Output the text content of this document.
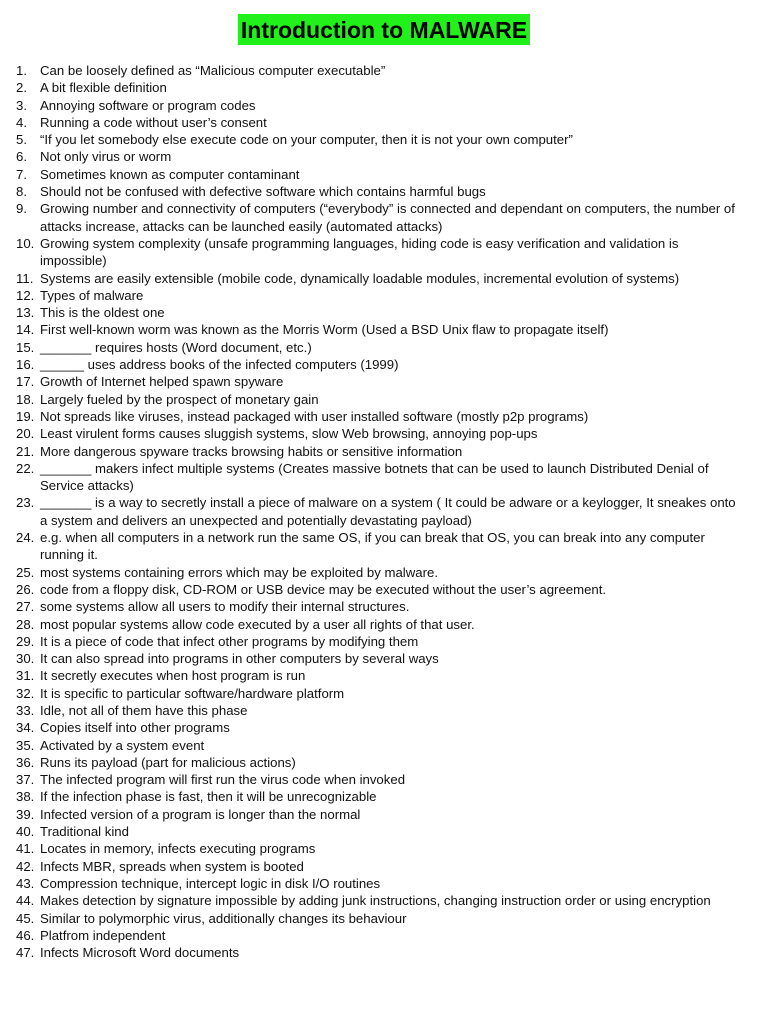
Introduction to MALWARE
1. Can be loosely defined as “Malicious computer executable”
2. A bit flexible definition
3. Annoying software or program codes
4. Running a code without user’s consent
5. “If you let somebody else execute code on your computer, then it is not your own computer”
6. Not only virus or worm
7. Sometimes known as computer contaminant
8. Should not be confused with defective software which contains harmful bugs
9. Growing number and connectivity of computers (“everybody” is connected and dependant on computers, the number of attacks increase, attacks can be launched easily (automated attacks)
10. Growing system complexity (unsafe programming languages, hiding code is easy verification and validation is impossible)
11. Systems are easily extensible (mobile code, dynamically loadable modules, incremental evolution of systems)
12. Types of malware
13. This is the oldest one
14. First well-known worm was known as the Morris Worm (Used a BSD Unix flaw to propagate itself)
15. _______ requires hosts (Word document, etc.)
16. ______ uses address books of the infected computers (1999)
17. Growth of Internet helped spawn spyware
18. Largely fueled by the prospect of monetary gain
19. Not spreads like viruses, instead packaged with user installed software (mostly p2p programs)
20. Least virulent forms causes sluggish systems, slow Web browsing, annoying pop-ups
21. More dangerous spyware tracks browsing habits or sensitive information
22. _______ makers infect multiple systems (Creates massive botnets that can be used to launch Distributed Denial of Service attacks)
23. _______ is a way to secretly install a piece of malware on a system ( It could be adware or a keylogger, It sneakes onto a system and delivers an unexpected and potentially devastating payload)
24. e.g. when all computers in a network run the same OS, if you can break that OS, you can break into any computer running it.
25. most systems containing errors which may be exploited by malware.
26. code from a floppy disk, CD-ROM or USB device may be executed without the user’s agreement.
27. some systems allow all users to modify their internal structures.
28. most popular systems allow code executed by a user all rights of that user.
29. It is a piece of code that infect other programs by modifying them
30. It can also spread into programs in other computers by several ways
31. It secretly executes when host program is run
32. It is specific to particular software/hardware platform
33. Idle, not all of them have this phase
34. Copies itself into other programs
35. Activated by a system event
36. Runs its payload (part for malicious actions)
37. The infected program will first run the virus code when invoked
38. If the infection phase is fast, then it will be unrecognizable
39. Infected version of a program is longer than the normal
40. Traditional kind
41. Locates in memory, infects executing programs
42. Infects MBR, spreads when system is booted
43. Compression technique, intercept logic in disk I/O routines
44. Makes detection by signature impossible by adding junk instructions, changing instruction order or using encryption
45. Similar to polymorphic virus, additionally changes its behaviour
46. Platfrom independent
47. Infects Microsoft Word documents
